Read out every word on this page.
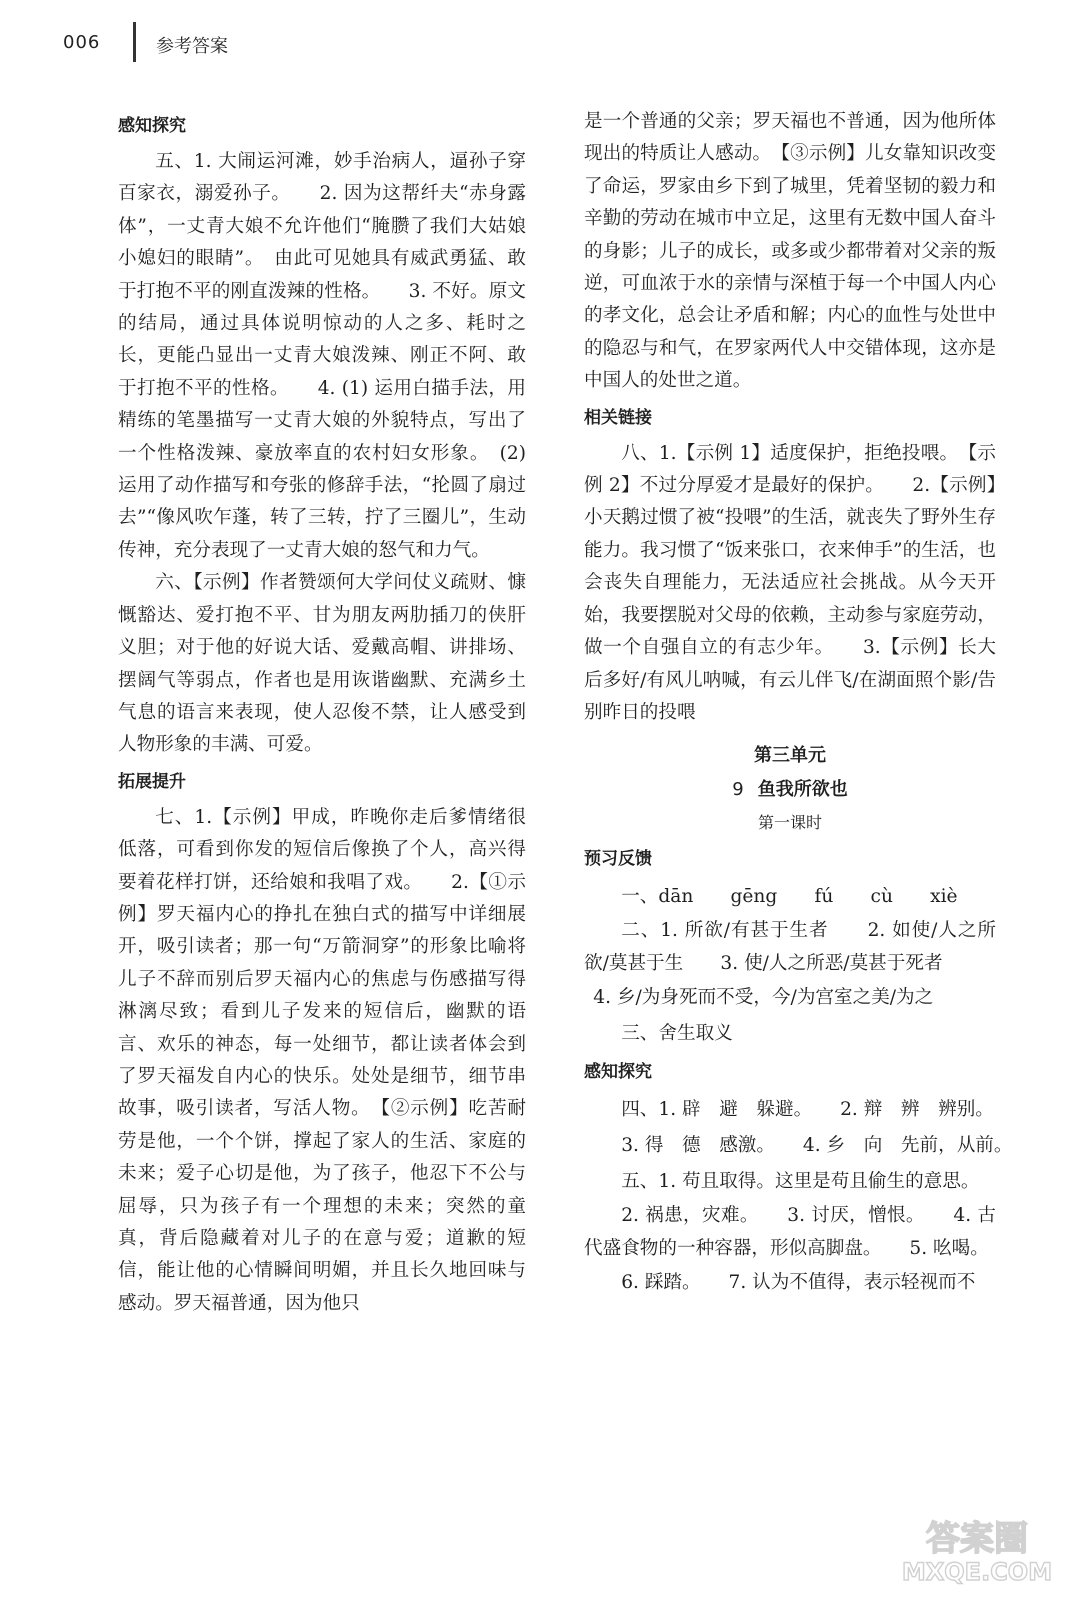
006	参考答案
感知探究

五、1. 大闹运河滩，妙手治病人，逼孙子穿百家衣，溺爱孙子。　　2. 因为这帮纤夫“赤身露体”，一丈青大娘不允许他们“腌臜了我们大姑娘小媳妇的眼睛”。　由此可见她具有威武勇猛、敢于打抱不平的刚直泼辣的性格。　　3. 不好。原文的结局，通过具体说明惊动的人之多、耗时之长，更能凸显出一丈青大娘泼辣、刚正不阿、敢于打抱不平的性格。　　4. (1) 运用白描手法，用精练的笔墨描写一丈青大娘的外貌特点，写出了一个性格泼辣、豪放率直的农村妇女形象。　(2) 运用了动作描写和夸张的修辞手法，“抡圆了扇过去”“像风吹乍蓬，转了三转，拧了三圈儿”，生动传神，充分表现了一丈青大娘的怒气和力气。

六、【示例】作者赞颂何大学问仗义疏财、慷慨豁达、爱打抱不平、甘为朋友两肋插刀的侠肝义胆；对于他的好说大话、爱戴高帽、讲排场、摆阔气等弱点，作者也是用诙谐幽默、充满乡土气息的语言来表现，使人忍俊不禁，让人感受到人物形象的丰满、可爱。

拓展提升

七、1.【示例】甲成，昨晚你走后爹情绪很低落，可看到你发的短信后像换了个人，高兴得要着花样打饼，还给娘和我唱了戏。　　2.【①示例】罗天福内心的挣扎在独白式的描写中详细展开，吸引读者；那一句“万箭洞穿”的形象比喻将儿子不辞而别后罗天福内心的焦虑与伤感描写得淋漓尽致；看到儿子发来的短信后，幽默的语言、欢乐的神态，每一处细节，都让读者体会到了罗天福发自内心的快乐。处处是细节，细节串故事，吸引读者，写活人物。　【②示例】吃苦耐劳是他，一个个饼，撑起了家人的生活、家庭的未来；爱子心切是他，为了孩子，他忍下不公与屈辱，只为孩子有一个理想的未来；突然的童真，背后隐藏着对儿子的在意与爱；道歉的短信，能让他的心情瞬间明媚，并且长久地回味与感动。罗天福普通，因为他只

是一个普通的父亲；罗天福也不普通，因为他所体现出的特质让人感动。　【③示例】儿女靠知识改变了命运，罗家由乡下到了城里，凭着坚韧的毅力和辛勤的劳动在城市中立足，这里有无数中国人奋斗的身影；儿子的成长，或多或少都带着对父亲的叛逆，可血浓于水的亲情与深植于每一个中国人内心的孝文化，总会让矛盾和解；内心的血性与处世中的隐忍与和气，在罗家两代人中交错体现，这亦是中国人的处世之道。

相关链接

八、1.【示例 1】适度保护，拒绝投喂。　【示例 2】不过分厚爱才是最好的保护。　　2.【示例】小天鹅过惯了被“投喂”的生活，就丧失了野外生存能力。我习惯了“饭来张口，衣来伸手”的生活，也会丧失自理能力，无法适应社会挑战。从今天开始，我要摆脱对父母的依赖，主动参与家庭劳动，做一个自强自立的有志少年。　　3.【示例】长大后多好/有风儿呐喊，有云儿伴飞/在湖面照个影/告别昨日的投喂

第三单元
9 鱼我所欲也
第一课时
预习反馈

一、dān　　gēng　　fú　　cù　　xiè

二、1. 所欲/有甚于生者　　2. 如使/人之所欲/莫甚于生　　3. 使/人之所恶/莫甚于死者

4. 乡/为身死而不受，今/为宫室之美/为之

三、舍生取义

感知探究

四、1. 辟　避　躲避。　　2. 辩　辨　辨别。

3. 得　德　感激。　　4. 乡　向　先前，从前。

五、1. 苟且取得。这里是苟且偷生的意思。

2. 祸患，灾难。　　3. 讨厌，憎恨。　　4. 古代盛食物的一种容器，形似高脚盘。　　5. 吆喝。

6. 踩踏。　　7. 认为不值得，表示轻视而不

答案圈
MXQE.COM
